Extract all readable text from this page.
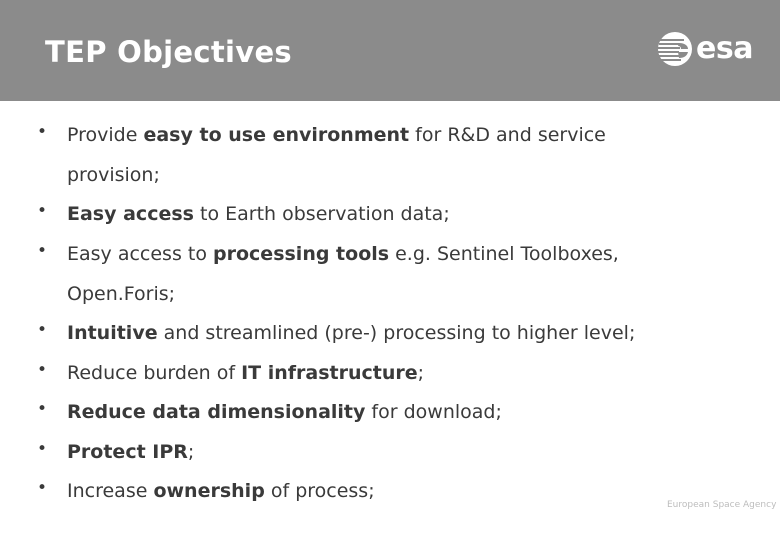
TEP Objectives	esa
• Provide easy to use environment for R&D and service
provision;
• Easy access to Earth observation data;
• Easy access to processing tools e.g. Sentinel Toolboxes,
Open.Foris;
• Intuitive and streamlined (pre-) processing to higher level;
• Reduce burden of IT infrastructure;
• Reduce data dimensionality for download;
• Protect IPR;
• Increase ownership of process;
European Space Agency
